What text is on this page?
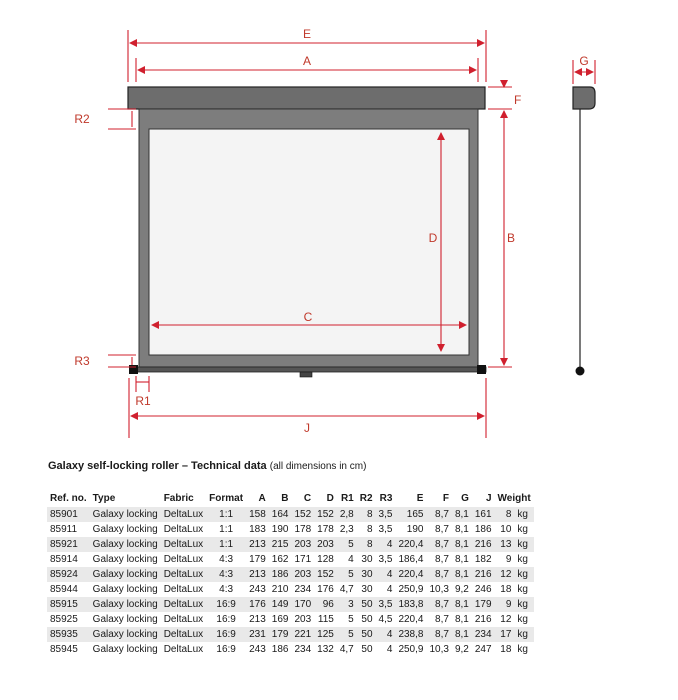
E
A	G
F
R2
D	B
C
R3
R1
J
Galaxy self-locking roller – Technical data (all dimensions in cm)
Ref. no.	Type	Fabric	Format	A	B	C	D	R1	R2	R3	E	F	G	J	Weight	
85901	Galaxy locking	DeltaLux	1:1	158	164	152	152	2,8	8	3,5	165	8,7	8,1	161	8	kg
85911	Galaxy locking	DeltaLux	1:1	183	190	178	178	2,3	8	3,5	190	8,7	8,1	186	10	kg
85921	Galaxy locking	DeltaLux	1:1	213	215	203	203	5	8	4	220,4	8,7	8,1	216	13	kg
85914	Galaxy locking	DeltaLux	4:3	179	162	171	128	4	30	3,5	186,4	8,7	8,1	182	9	kg
85924	Galaxy locking	DeltaLux	4:3	213	186	203	152	5	30	4	220,4	8,7	8,1	216	12	kg
85944	Galaxy locking	DeltaLux	4:3	243	210	234	176	4,7	30	4	250,9	10,3	9,2	246	18	kg
85915	Galaxy locking	DeltaLux	16:9	176	149	170	96	3	50	3,5	183,8	8,7	8,1	179	9	kg
85925	Galaxy locking	DeltaLux	16:9	213	169	203	115	5	50	4,5	220,4	8,7	8,1	216	12	kg
85935	Galaxy locking	DeltaLux	16:9	231	179	221	125	5	50	4	238,8	8,7	8,1	234	17	kg
85945	Galaxy locking	DeltaLux	16:9	243	186	234	132	4,7	50	4	250,9	10,3	9,2	247	18	kg
